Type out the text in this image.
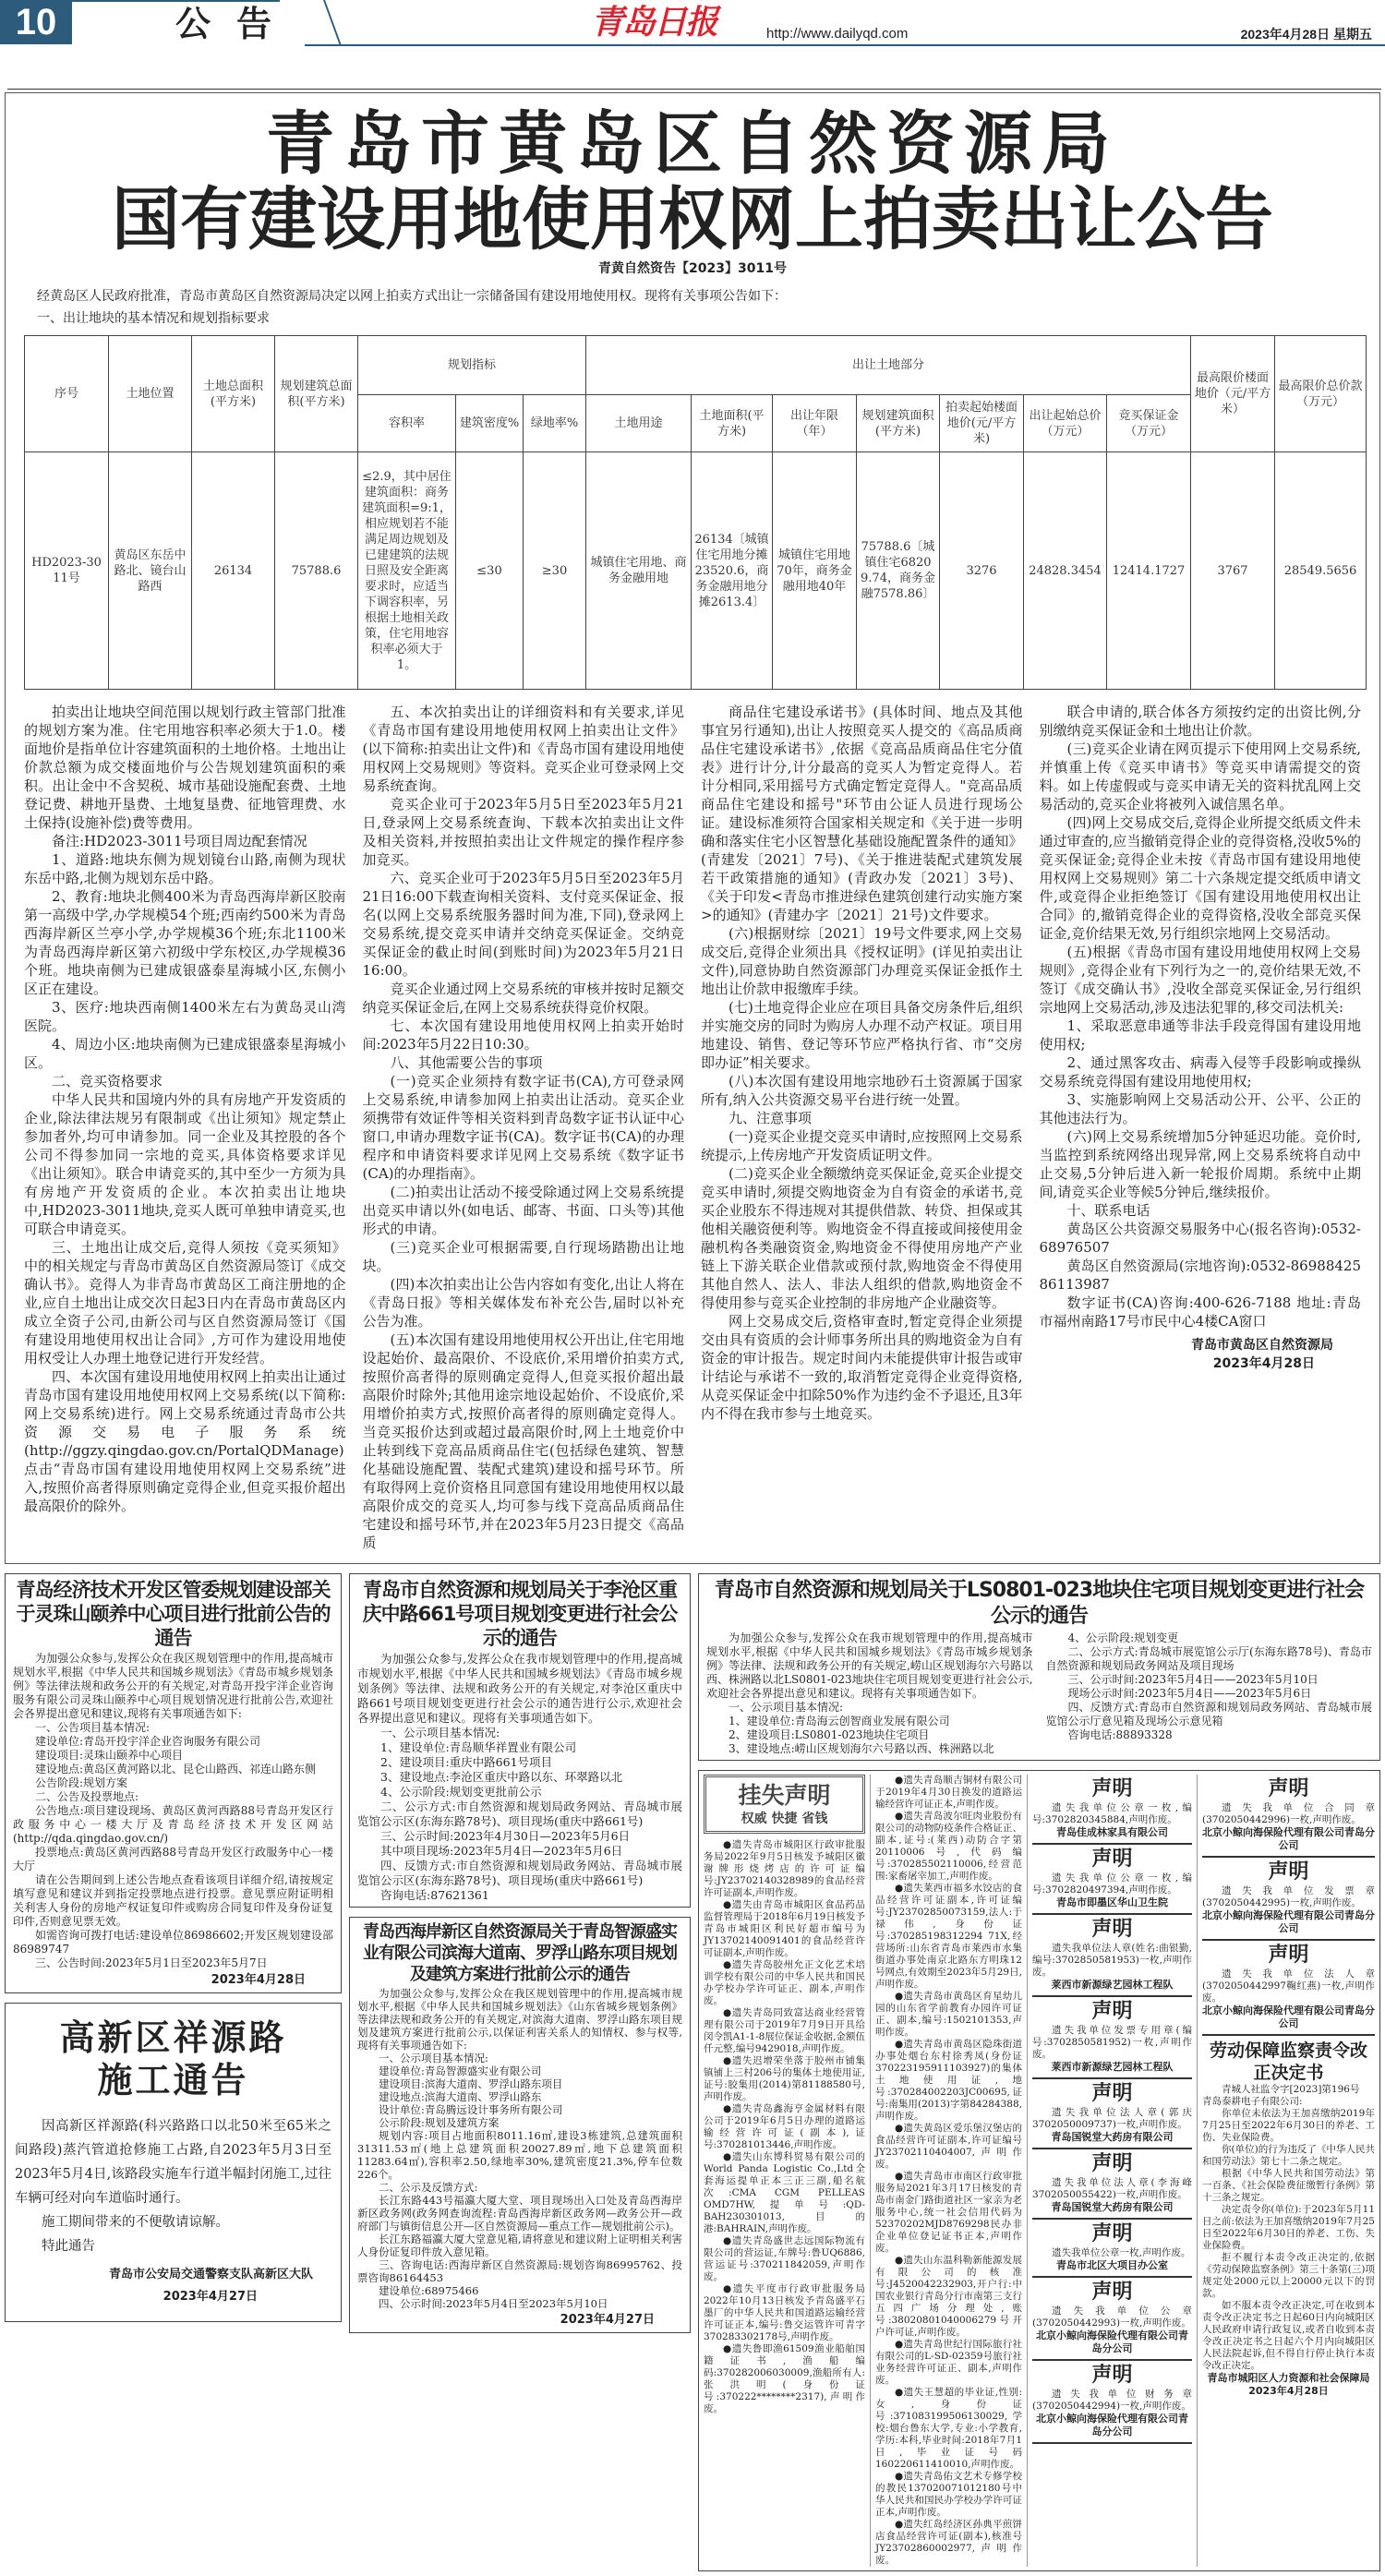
10	公告	青岛日报	http://www.dailyqd.com	2023年4月28日 星期五
青岛市黄岛区自然资源局
国有建设用地使用权网上拍卖出让公告
青黄自然资告【2023】3011号
经黄岛区人民政府批准，青岛市黄岛区自然资源局决定以网上拍卖方式出让一宗储备国有建设用地使用权。现将有关事项公告如下：
一、出让地块的基本情况和规划指标要求
序号	土地位置	土地总面积(平方米)	规划建筑总面积(平方米)	规划指标			出让土地部分							最高限价楼面地价（元/平方米）	最高限价总价款（万元）
				容积率	建筑密度%	绿地率%	土地用途	土地面积(平方米)	出让年限（年）	规划建筑面积(平方米)	拍卖起始楼面地价(元/平方米)	出让起始总价（万元）	竞买保证金（万元）		
HD2023-3011号	黄岛区东岳中路北、镜台山路西	26134	75788.6	≤2.9，其中居住建筑面积：商务建筑面积=9:1，相应规划若不能满足周边规划及已建建筑的法规日照及安全距离要求时，应适当下调容积率，另根据土地相关政策，住宅用地容积率必须大于1。	≤30	≥30	城镇住宅用地、商务金融用地	26134〔城镇住宅用地分摊23520.6，商务金融用地分摊2613.4〕	城镇住宅用地70年，商务金融用地40年	75788.6〔城镇住宅68209.74，商务金融7578.86〕	3276	24828.3454	12414.1727	3767	28549.5656

拍卖出让地块空间范围以规划行政主管部门批准的规划方案为准。住宅用地容积率必须大于1.0。楼面地价是指单位计容建筑面积的土地价格。土地出让价款总额为成交楼面地价与公告规划建筑面积的乘积。出让金中不含契税、城市基础设施配套费、土地登记费、耕地开垦费、土地复垦费、征地管理费、水土保持(设施补偿)费等费用。

备注:HD2023-3011号项目周边配套情况

1、道路:地块东侧为规划镜台山路,南侧为现状东岳中路,北侧为规划东岳中路。

2、教育:地块北侧400米为青岛西海岸新区胶南第一高级中学,办学规模54个班;西南约500米为青岛西海岸新区兰亭小学,办学规模36个班;东北1100米为青岛西海岸新区第六初级中学东校区,办学规模36个班。地块南侧为已建成银盛泰星海城小区,东侧小区正在建设。

3、医疗:地块西南侧1400米左右为黄岛灵山湾医院。

4、周边小区:地块南侧为已建成银盛泰星海城小区。

二、竞买资格要求

中华人民共和国境内外的具有房地产开发资质的企业,除法律法规另有限制或《出让须知》规定禁止参加者外,均可申请参加。同一企业及其控股的各个公司不得参加同一宗地的竞买,具体资格要求详见《出让须知》。联合申请竞买的,其中至少一方须为具有房地产开发资质的企业。本次拍卖出让地块中,HD2023-3011地块,竞买人既可单独申请竞买,也可联合申请竞买。

三、土地出让成交后,竞得人须按《竞买须知》中的相关规定与青岛市黄岛区自然资源局签订《成交确认书》。竞得人为非青岛市黄岛区工商注册地的企业,应自土地出让成交次日起3日内在青岛市黄岛区内成立全资子公司,由新公司与区自然资源局签订《国有建设用地使用权出让合同》,方可作为建设用地使用权受让人办理土地登记进行开发经营。

四、本次国有建设用地使用权网上拍卖出让通过青岛市国有建设用地使用权网上交易系统(以下简称:网上交易系统)进行。网上交易系统通过青岛市公共资源交易电子服务系统(http://ggzy.qingdao.gov.cn/PortalQDManage)点击“青岛市国有建设用地使用权网上交易系统”进入,按照价高者得原则确定竞得企业,但竞买报价超出最高限价的除外。

五、本次拍卖出让的详细资料和有关要求,详见《青岛市国有建设用地使用权网上拍卖出让文件》(以下简称:拍卖出让文件)和《青岛市国有建设用地使用权网上交易规则》等资料。竞买企业可登录网上交易系统查询。

竞买企业可于2023年5月5日至2023年5月21日,登录网上交易系统查询、下载本次拍卖出让文件及相关资料,并按照拍卖出让文件规定的操作程序参加竞买。

六、竞买企业可于2023年5月5日至2023年5月21日16:00下载查询相关资料、支付竞买保证金、报名(以网上交易系统服务器时间为准,下同),登录网上交易系统,提交竞买申请并交纳竞买保证金。交纳竞买保证金的截止时间(到账时间)为2023年5月21日16:00。

竞买企业通过网上交易系统的审核并按时足额交纳竞买保证金后,在网上交易系统获得竞价权限。

七、本次国有建设用地使用权网上拍卖开始时间:2023年5月22日10:30。

八、其他需要公告的事项

(一)竞买企业须持有数字证书(CA),方可登录网上交易系统,申请参加网上拍卖出让活动。竞买企业须携带有效证件等相关资料到青岛数字证书认证中心窗口,申请办理数字证书(CA)。数字证书(CA)的办理程序和申请资料要求详见网上交易系统《数字证书(CA)的办理指南》。

(二)拍卖出让活动不接受除通过网上交易系统提出竞买申请以外(如电话、邮寄、书面、口头等)其他形式的申请。

(三)竞买企业可根据需要,自行现场踏勘出让地块。

(四)本次拍卖出让公告内容如有变化,出让人将在《青岛日报》等相关媒体发布补充公告,届时以补充公告为准。

(五)本次国有建设用地使用权公开出让,住宅用地设起始价、最高限价、不设底价,采用增价拍卖方式,按照价高者得的原则确定竞得人,但竞买报价超出最高限价时除外;其他用途宗地设起始价、不设底价,采用增价拍卖方式,按照价高者得的原则确定竞得人。当竞买报价达到或超过最高限价时,网上土地竞价中止转到线下竞高品质商品住宅(包括绿色建筑、智慧化基础设施配置、装配式建筑)建设和摇号环节。所有取得网上竞价资格且同意国有建设用地使用权以最高限价成交的竞买人,均可参与线下竞高品质商品住宅建设和摇号环节,并在2023年5月23日提交《高品质

商品住宅建设承诺书》(具体时间、地点及其他事宜另行通知),出让人按照竞买人提交的《高品质商品住宅建设承诺书》,依据《竞高品质商品住宅分值表》进行计分,计分最高的竞买人为暂定竞得人。若计分相同,采用摇号方式确定暂定竞得人。"竞高品质商品住宅建设和摇号"环节由公证人员进行现场公证。建设标准须符合国家相关规定和《关于进一步明确和落实住宅小区智慧化基础设施配置条件的通知》(青建发〔2021〕7号)、《关于推进装配式建筑发展若干政策措施的通知》(青政办发〔2021〕3号)、《关于印发<青岛市推进绿色建筑创建行动实施方案>的通知》(青建办字〔2021〕21号)文件要求。

(六)根据财综〔2021〕19号文件要求,网上交易成交后,竞得企业须出具《授权证明》(详见拍卖出让文件),同意协助自然资源部门办理竞买保证金抵作土地出让价款申报缴库手续。

(七)土地竞得企业应在项目具备交房条件后,组织并实施交房的同时为购房人办理不动产权证。项目用地建设、销售、登记等环节应严格执行省、市“交房即办证”相关要求。

(八)本次国有建设用地宗地砂石土资源属于国家所有,纳入公共资源交易平台进行统一处置。

九、注意事项

(一)竞买企业提交竞买申请时,应按照网上交易系统提示,上传房地产开发资质证明文件。

(二)竞买企业全额缴纳竞买保证金,竞买企业提交竞买申请时,须提交购地资金为自有资金的承诺书,竞买企业股东不得违规对其提供借款、转贷、担保或其他相关融资便利等。购地资金不得直接或间接使用金融机构各类融资资金,购地资金不得使用房地产产业链上下游关联企业借款或预付款,购地资金不得使用其他自然人、法人、非法人组织的借款,购地资金不得使用参与竞买企业控制的非房地产企业融资等。

网上交易成交后,资格审查时,暂定竞得企业须提交由具有资质的会计师事务所出具的购地资金为自有资金的审计报告。规定时间内未能提供审计报告或审计结论与承诺不一致的,取消暂定竞得企业竞得资格,从竞买保证金中扣除50%作为违约金不予退还,且3年内不得在我市参与土地竞买。

联合申请的,联合体各方须按约定的出资比例,分别缴纳竞买保证金和土地出让价款。

(三)竞买企业请在网页提示下使用网上交易系统,并慎重上传《竞买申请书》等竞买申请需提交的资料。如上传虚假或与竞买申请无关的资料扰乱网上交易活动的,竞买企业将被列入诚信黑名单。

(四)网上交易成交后,竞得企业所提交纸质文件未通过审查的,应当撤销竞得企业的竞得资格,没收5%的竞买保证金;竞得企业未按《青岛市国有建设用地使用权网上交易规则》第二十六条规定提交纸质申请文件,或竞得企业拒绝签订《国有建设用地使用权出让合同》的,撤销竞得企业的竞得资格,没收全部竞买保证金,竞价结果无效,另行组织宗地网上交易活动。

(五)根据《青岛市国有建设用地使用权网上交易规则》,竞得企业有下列行为之一的,竞价结果无效,不签订《成交确认书》,没收全部竞买保证金,另行组织宗地网上交易活动,涉及违法犯罪的,移交司法机关:

1、采取恶意串通等非法手段竞得国有建设用地使用权;

2、通过黑客攻击、病毒入侵等手段影响或操纵交易系统竞得国有建设用地使用权;

3、实施影响网上交易活动公开、公平、公正的其他违法行为。

(六)网上交易系统增加5分钟延迟功能。竞价时,当监控到系统网络出现异常,网上交易系统将自动中止交易,5分钟后进入新一轮报价周期。系统中止期间,请竞买企业等候5分钟后,继续报价。

十、联系电话

黄岛区公共资源交易服务中心(报名咨询):0532-68976507

黄岛区自然资源局(宗地咨询):0532-86988425 86113987

数字证书(CA)咨询:400-626-7188 地址:青岛市福州南路17号市民中心4楼CA窗口

青岛市黄岛区自然资源局
2023年4月28日
青岛经济技术开发区管委规划建设部关于灵珠山颐养中心项目进行批前公告的通告

为加强公众参与,发挥公众在我区规划管理中的作用,提高城市规划水平,根据《中华人民共和国城乡规划法》《青岛市城乡规划条例》等法律法规和政务公开的有关规定,对青岛开投宇洋企业咨询服务有限公司灵珠山颐养中心项目规划情况进行批前公告,欢迎社会各界提出意见和建议,现将有关事项通告如下:

一、公告项目基本情况:

建设单位:青岛开投宇洋企业咨询服务有限公司

建设项目:灵珠山颐养中心项目

建设地点:黄岛区黄河路以北、昆仑山路西、祁连山路东侧

公告阶段:规划方案

二、公告及投票地点:

公告地点:项目建设现场、黄岛区黄河西路88号青岛开发区行政服务中心一楼大厅及青岛经济技术开发区网站(http://qda.qingdao.gov.cn/)

投票地点:黄岛区黄河西路88号青岛开发区行政服务中心一楼大厅

请在公告期间到上述公告地点查看该项目详细介绍,请按规定填写意见和建议并到指定投票地点进行投票。意见票应附证明相关利害人身份的房地产权证复印件或购房合同复印件及身份证复印件,否则意见票无效。

如需咨询可拨打电话:建设单位86986602;开发区规划建设部86989747

三、公告时间:2023年5月1日至2023年5月7日

2023年4月28日
高新区祥源路施工通告

因高新区祥源路(科兴路路口以北50米至65米之间路段)蒸汽管道抢修施工占路,自2023年5月3日至2023年5月4日,该路段实施车行道半幅封闭施工,过往车辆可经对向车道临时通行。

施工期间带来的不便敬请谅解。

特此通告

青岛市公安局交通警察支队高新区大队
2023年4月27日
青岛市自然资源和规划局关于李沧区重庆中路661号项目规划变更进行社会公示的通告

为加强公众参与,发挥公众在我市规划管理中的作用,提高城市规划水平,根据《中华人民共和国城乡规划法》《青岛市城乡规划条例》等法律、法规和政务公开的有关规定,对李沧区重庆中路661号项目规划变更进行社会公示的通告进行公示,欢迎社会各界提出意见和建议。现将有关事项通告如下。

一、公示项目基本情况:

1、建设单位:青岛顺华祥置业有限公司

2、建设项目:重庆中路661号项目

3、建设地点:李沧区重庆中路以东、环翠路以北

4、公示阶段:规划变更批前公示

二、公示方式:市自然资源和规划局政务网站、青岛城市展览馆公示区(东海东路78号)、项目现场(重庆中路661号)

三、公示时间:2023年4月30日—2023年5月6日

其中项目现场:2023年5月4日—2023年5月6日

四、反馈方式:市自然资源和规划局政务网站、青岛城市展览馆公示区(东海东路78号)、项目现场(重庆中路661号)

咨询电话:87621361

青岛西海岸新区自然资源局关于青岛智源盛实业有限公司滨海大道南、罗浮山路东项目规划及建筑方案进行批前公示的通告

为加强公众参与,发挥公众在我区规划管理中的作用,提高城市规划水平,根据《中华人民共和国城乡规划法》《山东省城乡规划条例》等法律法规和政务公开的有关规定,对滨海大道南、罗浮山路东项目规划及建筑方案进行批前公示,以保证利害关系人的知情权、参与权等,现将有关事项通告如下:

一、公示项目基本情况:

建设单位:青岛智源盛实业有限公司

建设项目:滨海大道南、罗浮山路东项目

建设地点:滨海大道南、罗浮山路东

设计单位:青岛腾远设计事务所有限公司

公示阶段:规划及建筑方案

规划内容:项目占地面积8011.16㎡,建设3栋建筑,总建筑面积31311.53㎡(地上总建筑面积20027.89㎡,地下总建筑面积11283.64㎡),容积率2.50,绿地率30%,建筑密度21.3%,停车位数226个。

二、公示及反馈方式:

长江东路443号福瀛大厦大堂、项目现场出入口处及青岛西海岸新区政务网(政务网查询流程:青岛西海岸新区政务网—政务公开—政府部门与镇街信息公开—区自然资源局—重点工作—规划批前公示)。

长江东路福瀛大厦大堂意见箱,请将意见和建议附上证明相关利害人身份证复印件放入意见箱。

三、咨询电话:西海岸新区自然资源局:规划咨询86995762、投票咨询86164453

建设单位:68975466

四、公示时间:2023年5月4日至2023年5月10日

2023年4月27日
青岛市自然资源和规划局关于LS0801-023地块住宅项目规划变更进行社会公示的通告

为加强公众参与,发挥公众在我市规划管理中的作用,提高城市规划水平,根据《中华人民共和国城乡规划法》《青岛市城乡规划条例》等法律、法规和政务公开的有关规定,崂山区规划海尔六号路以西、株洲路以北LS0801-023地块住宅项目规划变更进行社会公示,欢迎社会各界提出意见和建议。现将有关事项通告如下。

一、公示项目基本情况:

1、建设单位:青岛海云创智商业发展有限公司

2、建设项目:LS0801-023地块住宅项目

3、建设地点:崂山区规划海尔六号路以西、株洲路以北

4、公示阶段:规划变更

二、公示方式:青岛城市展览馆公示厅(东海东路78号)、青岛市自然资源和规划局政务网站及项目现场

三、公示时间:2023年5月4日——2023年5月10日

现场公示时间:2023年5月4日——2023年5月6日

四、反馈方式:青岛市自然资源和规划局政务网站、青岛城市展览馆公示厅意见箱及现场公示意见箱

咨询电话:88893328

挂失声明
权威 快捷 省钱

●遗失青岛市城阳区行政审批服务局2022年9月5日核发予城阳区徽谢牌形烧烤店的许可证编号:JY23702140328989的食品经营许可证副本,声明作废。

●遗失由青岛市城阳区食品药品监督管理局于2018年6月19日核发予青岛市城阳区利民好超市编号为JY13702140091401的食品经营许可证副本,声明作废。

●遗失青岛胶州允正文化艺术培训学校有限公司的中华人民共和国民办学校办学许可证正、副本,声明作废。

●遗失青岛同致富达商业经营管理有限公司于2019年7月9日开具给闵令凯A1-1-8展位保证金收据,金额伍仟元整,编号9429018,声明作废。

●遗失迟增荣坐落于胶州市铺集镇铺上三村206号的集体土地使用证,证号:胶集用(2014)第81188580号,声明作废。

●遗失青岛鑫海亨金属材料有限公司于2019年6月5日办理的道路运输经营许可证(副本),证号:370281013446,声明作废。

●遗失山东博科贸易有限公司的World Panda Logistic Co.,Ltd全套海运提单正本三正三副,船名航次:CMA CGM PELLEAS OMD7HW,提单号:QD-BAH230301013,目的港:BAHRAIN,声明作废。

●遗失青岛盛世志远国际物流有限公司的营运证,车牌号:鲁UQ6886,营运证号:370211842059,声明作废。

●遗失平度市行政审批服务局2022年10月13日核发予青岛盛平石墨厂的中华人民共和国道路运输经营许可证正本,编号:鲁交运管许可青字370283302178号,声明作废。

●遗失鲁即渔61509渔业船舶国籍证书,渔船编码:370282006030009,渔船所有人:张洪明(身份证号:370222********2317),声明作废。

●遗失青岛顺吉铜材有限公司于2019年4月30日换发的道路运输经营许可证正本,声明作废。

●遗失青岛波尔旺肉业股份有限公司的动物防疫条件合格证正、副本,证号:(莱西)动防合字第20110006号,代码编号:370285502110006,经营范围:家畜屠宰加工,声明作废。

●遗失莱西市福多水饺店的食品经营许可证副本,许可证编号:JY23702850073159,法人:于禄伟,身份证号:370285198312294 71X,经营场所:山东省青岛市莱西市水集街道办事处南京北路东方明珠12号网点,有效期至2023年5月29日,声明作废。

●遗失青岛市黄岛区育星幼儿园的山东省学前教育办园许可证正、副本,编号:1502101353,声明作废。

●遗失青岛市黄岛区隐珠街道办事处烟台东村徐秀凤(身份证370223195911103927)的集体土地使用证,地号:370284002203JC00695,证号:南集用(2013)字第84284388,声明作废。

●遗失黄岛区爱乐堡汉堡店的食品经营许可证副本,许可证编号JY23702110404007,声明作废。

●遗失青岛市市南区行政审批服务局2021年3月17日核发的青岛市南金门路街道社区一家亲为老服务中心,统一社会信用代码为52370202MJD8769298民办非企业单位登记证书正本,声明作废。

●遗失山东温科勒新能源发展有限公司的核准号:J4520042232903,开户行:中国农业银行青岛分行市南第三支行五四广场分理处,账号:38020801040006279号开户许可证,声明作废。

●遗失青岛世纪行国际旅行社有限公司的L-SD-02359号旅行社业务经营许可证正、副本,声明作废。

●遗失王慧超的毕业证,性别:女,身份证号:371083199506130029,学校:烟台鲁东大学,专业:小学教育,学历:本科,毕业时间:2018年7月1日,毕业证号码160220611410010,声明作废。

●遗失青岛佑文艺术专修学校的教民137020071012180号中华人民共和国民办学校办学许可证正本,声明作废。

●遗失红岛经济区孙典平煎饼店食品经营许可证(副本),核准号JY23702860002977,声明作废。

声明

遗失我单位公章一枚,编号:3702820345884,声明作废。

青岛佳成林家具有限公司
声明

遗失我单位公章一枚,编号:3702820497394,声明作废。

青岛市即墨区华山卫生院
声明

遗失我单位法人章(姓名:曲银勤,编号:3702850581953)一枚,声明作废。

莱西市新源绿艺园林工程队
声明

遗失我单位发票专用章(编号:3702850581952)一枚,声明作废。

莱西市新源绿艺园林工程队
声明

遗失我单位法人章(郭庆3702050009737)一枚,声明作废。

青岛国锐堂大药房有限公司
声明

遗失我单位法人章(李海峰3702050055422)一枚,声明作废。

青岛国锐堂大药房有限公司
声明

遗失我单位公章一枚,声明作废。

青岛市北区大项目办公室
声明

遗失我单位公章(3702050442993)一枚,声明作废。

北京小鲸向海保险代理有限公司青岛分公司
声明

遗失我单位财务章(3702050442994)一枚,声明作废。

北京小鲸向海保险代理有限公司青岛分公司
声明

遗失我单位合同章(3702050442996)一枚,声明作废。

北京小鲸向海保险代理有限公司青岛分公司
声明

遗失我单位发票章(3702050442995)一枚,声明作废。

北京小鲸向海保险代理有限公司青岛分公司
声明

遗失我单位法人章(3702050442997鞠红燕)一枚,声明作废。

北京小鲸向海保险代理有限公司青岛分公司
劳动保障监察责令改正决定书

青城人社监令字[2023]第196号

青岛泰耕电子有限公司:

你单位未依法为王加喜缴纳2019年7月25日至2022年6月30日的养老、工伤、失业保险费。

你(单位)的行为违反了《中华人民共和国劳动法》第七十二条之规定。

根据《中华人民共和国劳动法》第一百条、《社会保险费征缴暂行条例》第十三条之规定。

决定责令你(单位):于2023年5月11日之前:依法为王加喜缴纳2019年7月25日至2022年6月30日的养老、工伤、失业保险费。

拒不履行本责令改正决定的,依据《劳动保障监察条例》第三十条第(三)项规定处2000元以上20000元以下的罚款。

如不服本责令改正决定,可在收到本责令改正决定书之日起60日内向城阳区人民政府申请行政复议,或者自收到本责令改正决定书之日起六个月内向城阳区人民法院起诉,但不得自行停止执行本责令改正决定。

青岛市城阳区人力资源和社会保障局
2023年4月28日
